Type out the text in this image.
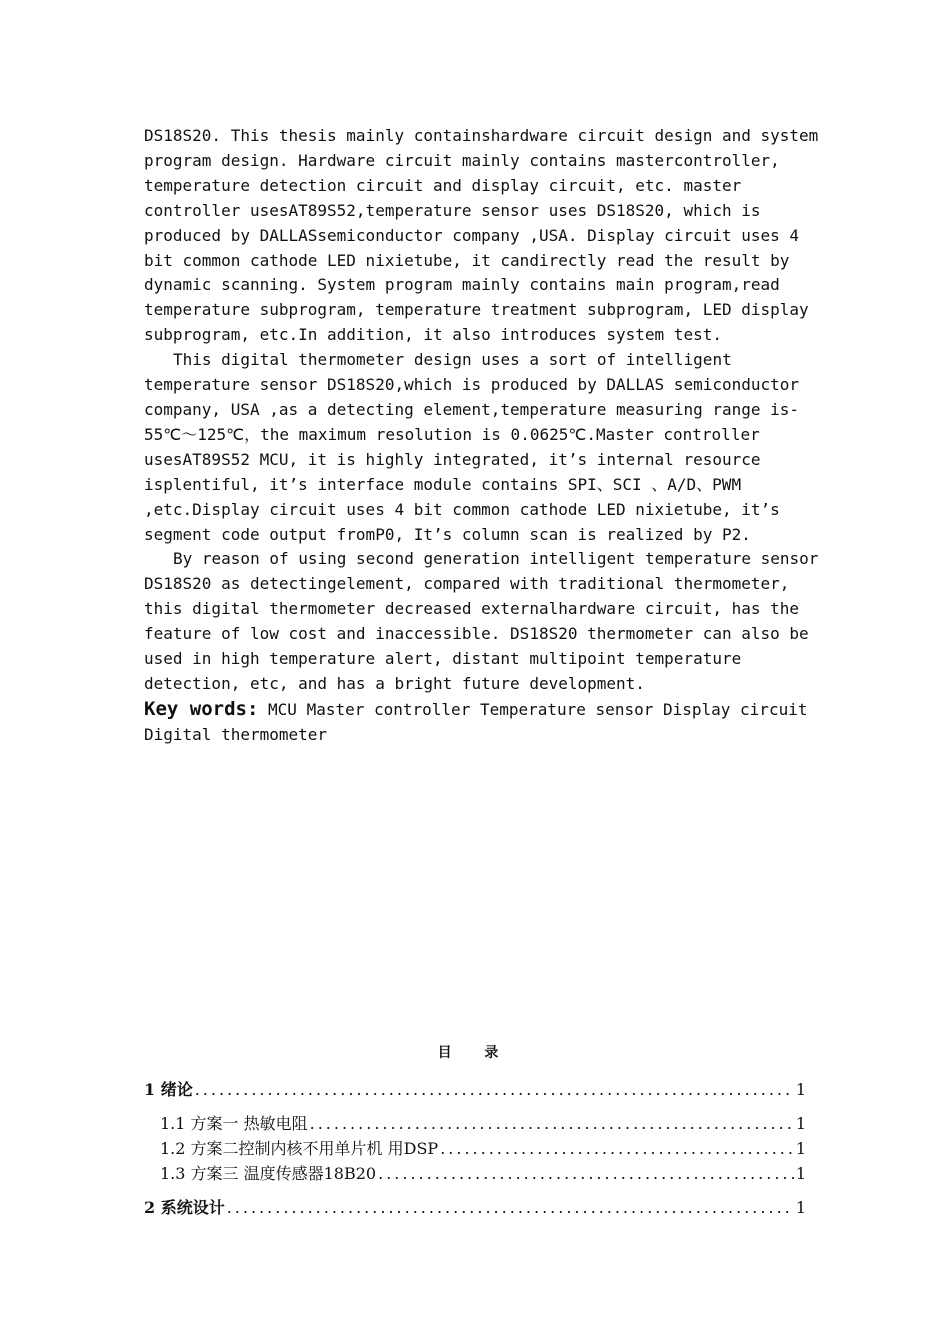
DS18S20. This thesis mainly containshardware circuit design and system program design. Hardware circuit mainly contains mastercontroller, temperature detection circuit and display circuit, etc. master controller usesAT89S52,temperature sensor uses DS18S20, which is produced by DALLASsemiconductor company ,USA. Display circuit uses 4 bit common cathode LED nixietube, it candirectly read the result by dynamic scanning. System program mainly contains main program,read temperature subprogram, temperature treatment subprogram, LED display subprogram, etc.In addition, it also introduces system test.

This digital thermometer design uses a sort of intelligent temperature sensor DS18S20,which is produced by DALLAS semiconductor company, USA ,as a detecting element,temperature measuring range is-55℃～125℃，the maximum resolution is 0.0625℃.Master controller usesAT89S52 MCU, it is highly integrated, it’s internal resource isplentiful, it’s interface module contains SPI、SCI 、A/D、PWM ,etc.Display circuit uses 4 bit common cathode LED nixietube, it’s segment code output fromP0, It’s column scan is realized by P2.

By reason of using second generation intelligent temperature sensor DS18S20 as detectingelement, compared with traditional thermometer, this digital thermometer decreased externalhardware circuit, has the feature of low cost and inaccessible. DS18S20 thermometer can also be used in high temperature alert, distant multipoint temperature detection, etc, and has a bright future development.

Key words: MCU Master controller Temperature sensor Display circuit Digital thermometer

目 录
1 绪论 .....	1
1.1 方案一 热敏电阻 .....	1
1.2 方案二控制内核不用单片机 用DSP .....	1
1.3 方案三 温度传感器18B20 .....	1
2 系统设计 .....	1
